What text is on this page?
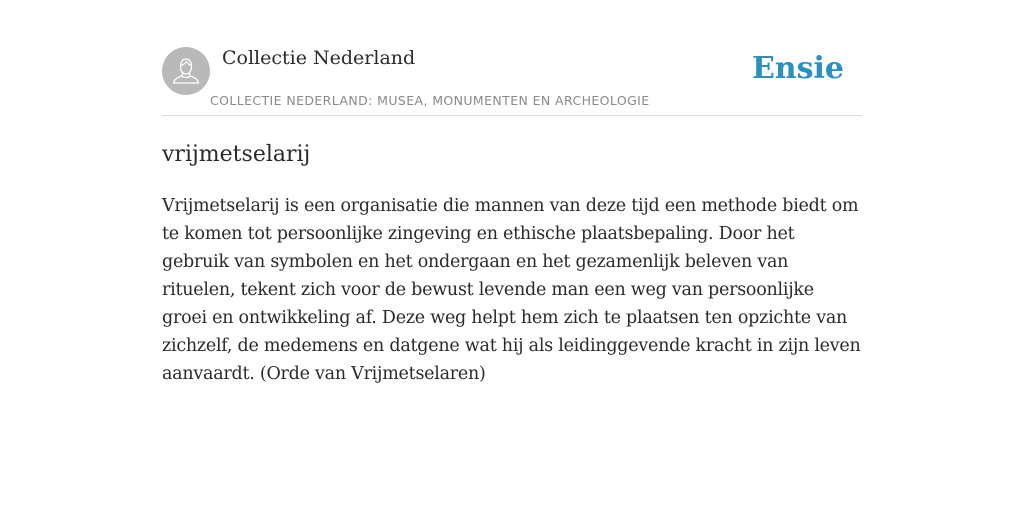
Collectie Nederland
COLLECTIE NEDERLAND: MUSEA, MONUMENTEN EN ARCHEOLOGIE
Ensie
vrijmetselarij

Vrijmetselarij is een organisatie die mannen van deze tijd een methode biedt om te komen tot persoonlijke zingeving en ethische plaatsbepaling. Door het gebruik van symbolen en het ondergaan en het gezamenlijk beleven van rituelen, tekent zich voor de bewust levende man een weg van persoonlijke groei en ontwikkeling af. Deze weg helpt hem zich te plaatsen ten opzichte van zichzelf, de medemens en datgene wat hij als leidinggevende kracht in zijn leven aanvaardt. (Orde van Vrijmetselaren)
